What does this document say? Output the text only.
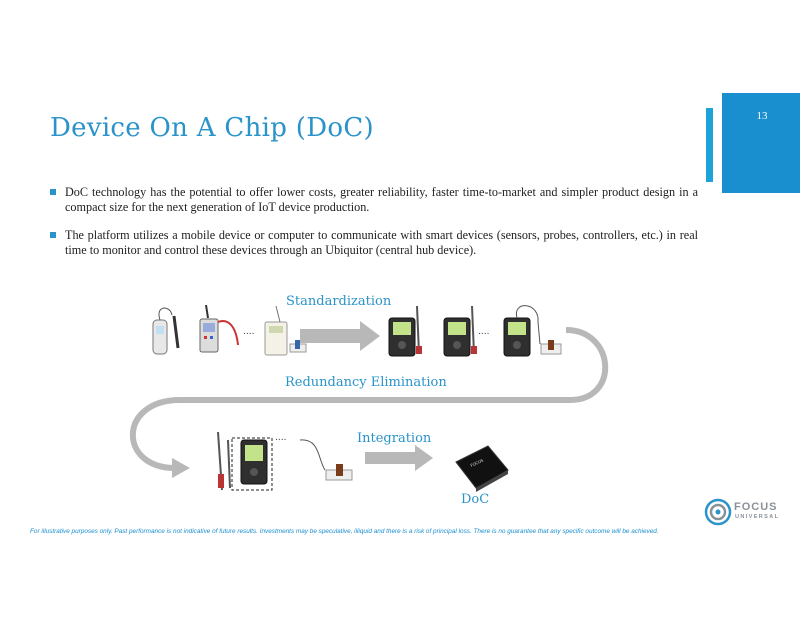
Device On A Chip (DoC)	13
DoC technology has the potential to offer lower costs, greater reliability, faster time-to-market and simpler product design in a compact size for the next generation of IoT device production.
The platform utilizes a mobile device or computer to communicate with smart devices (sensors, probes, controllers, etc.) in real time to monitor and control these devices through an Ubiquitor (central hub device).
....	....
....
FOCUS
Standardization
Redundancy Elimination
Integration
DoC	FOCUS
UNIVERSAL
For illustrative purposes only. Past performance is not indicative of future results. Investments may be speculative, illiquid and there is a risk of principal loss. There is no guarantee that any specific outcome will be achieved.
